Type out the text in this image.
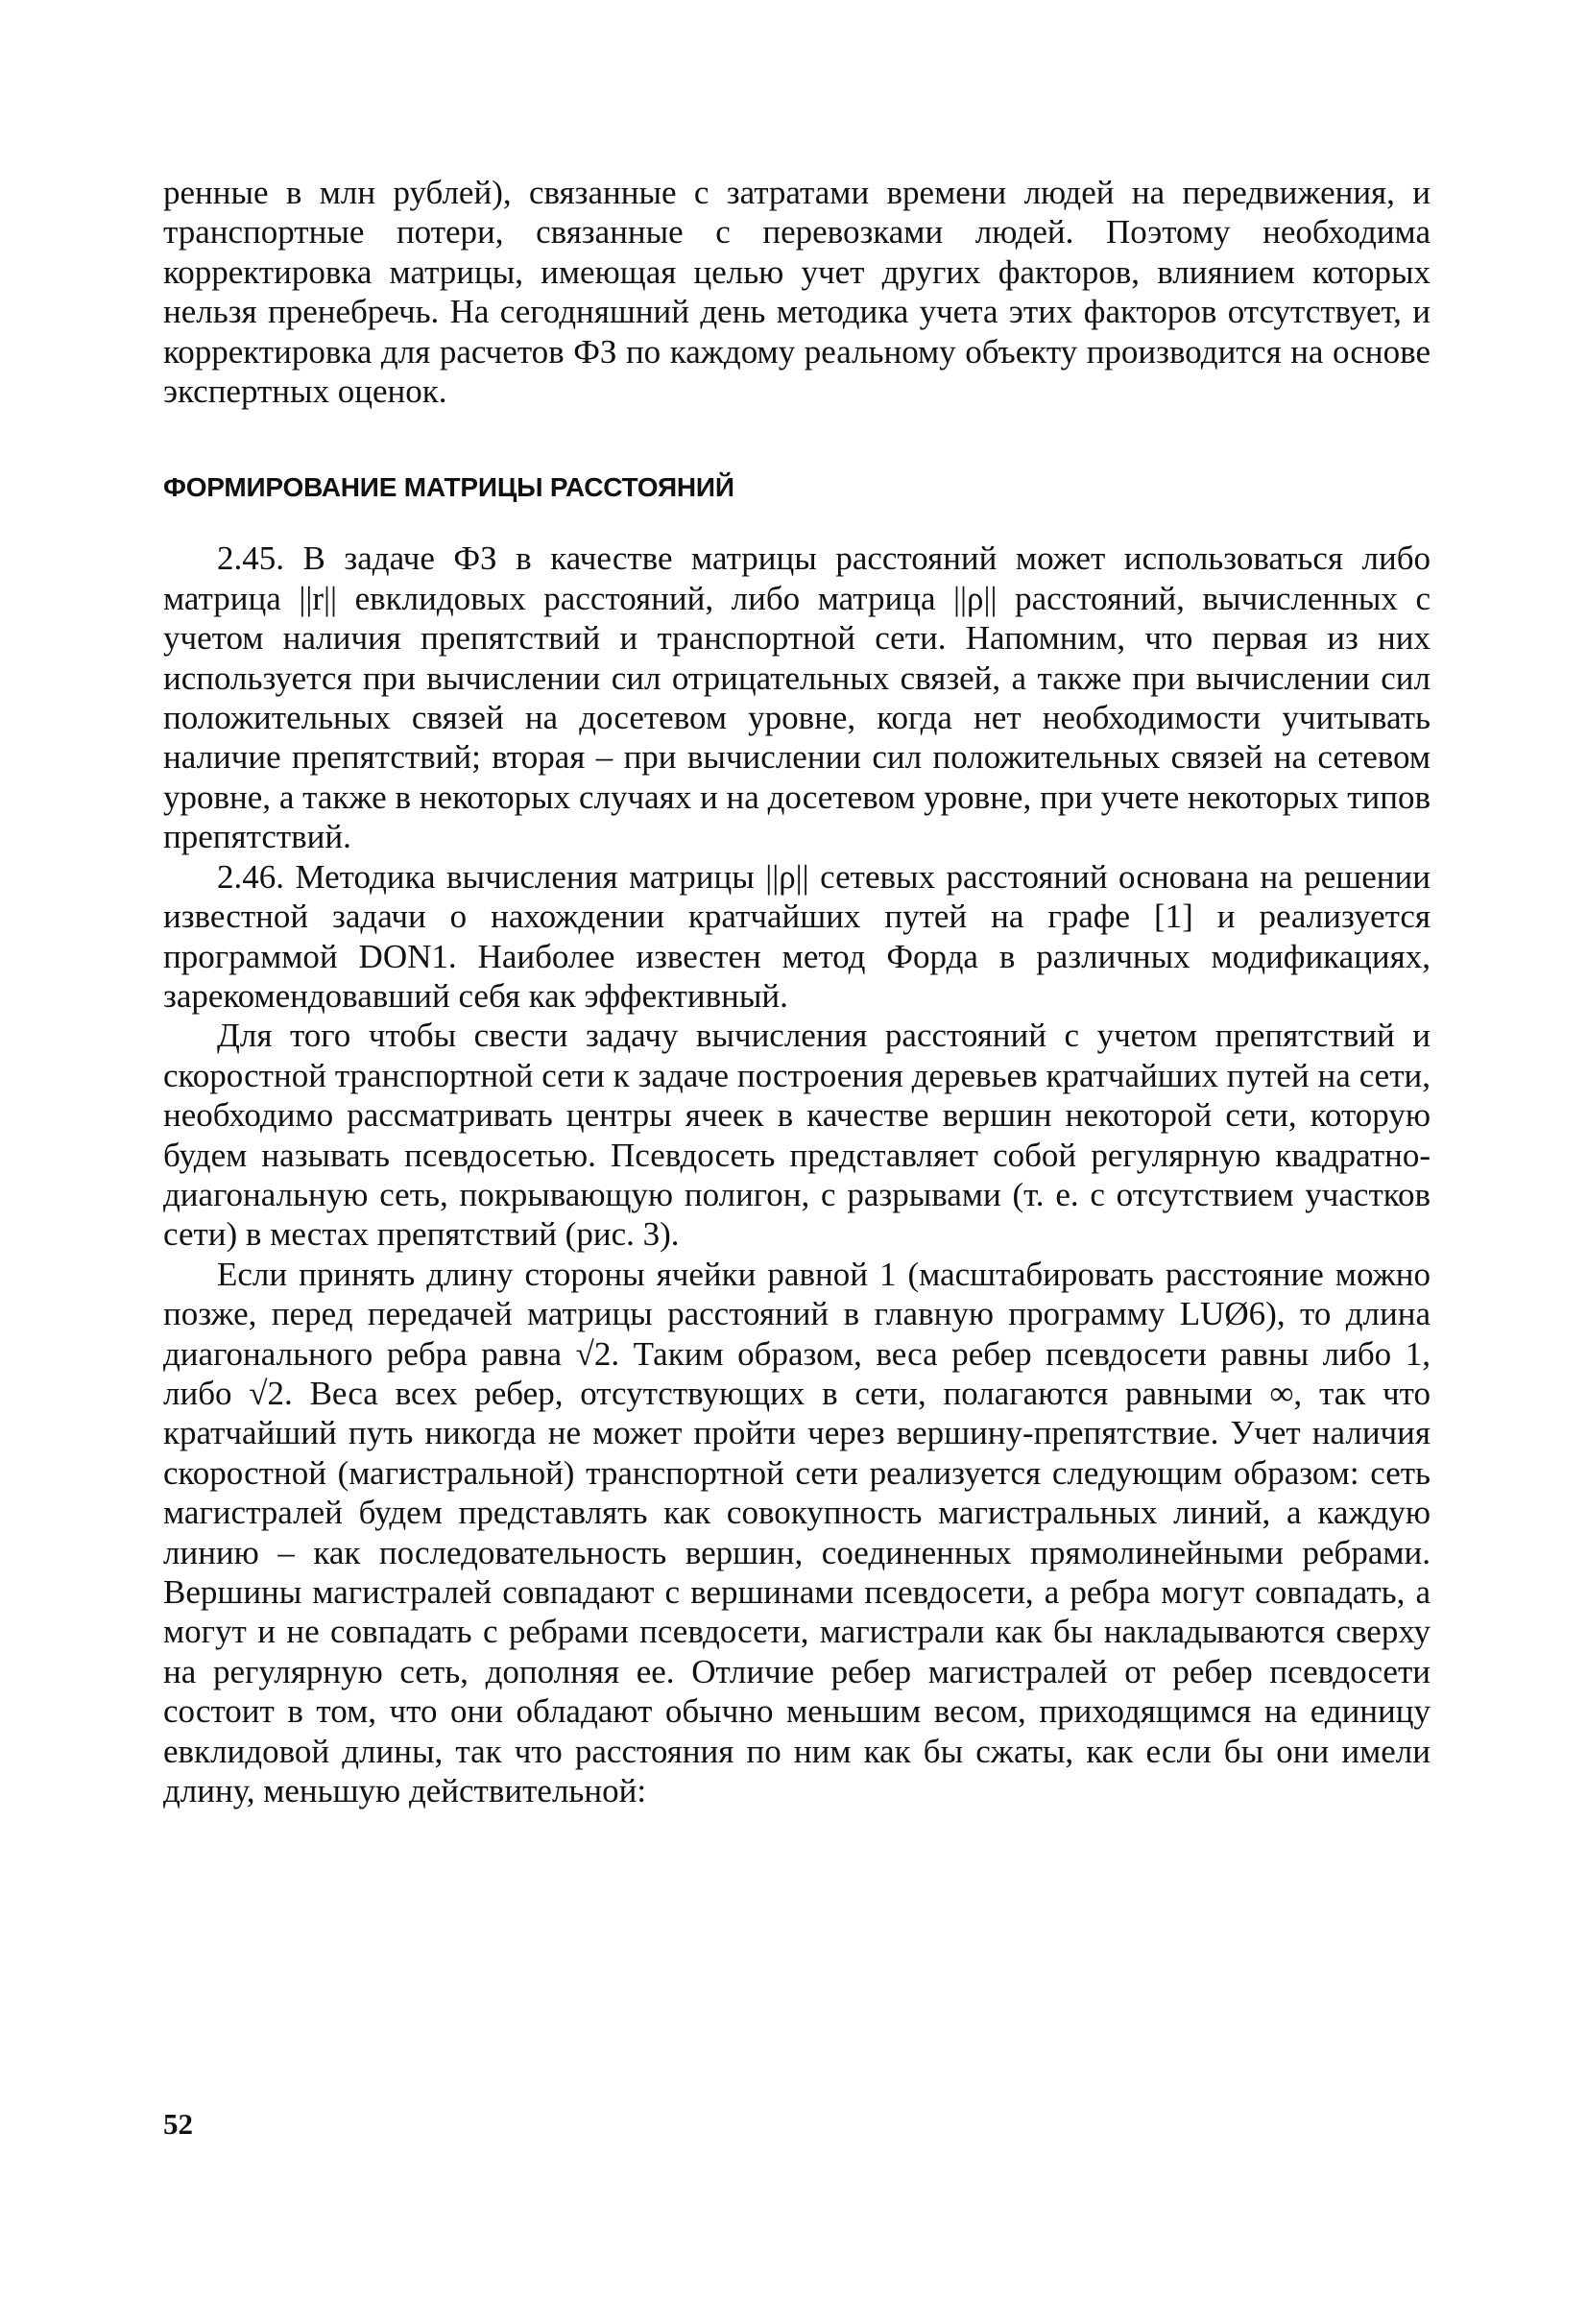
ренные в млн рублей), связанные с затратами времени людей на передвижения, и транспортные потери, связанные с перевозками людей. Поэтому необходима корректировка матрицы, имеющая целью учет других факторов, влиянием которых нельзя пренебречь. На сегодняшний день методика учета этих факторов отсутствует, и корректировка для расчетов ФЗ по каждому реальному объекту производится на основе экспертных оценок.

ФОРМИРОВАНИЕ МАТРИЦЫ РАССТОЯНИЙ

2.45. В задаче ФЗ в качестве матрицы расстояний может использоваться либо матрица ||r|| евклидовых расстояний, либо матрица ||ρ|| расстояний, вычисленных с учетом наличия препятствий и транспортной сети. Напомним, что первая из них используется при вычислении сил отрицательных связей, а также при вычислении сил положительных связей на досетевом уровне, когда нет необходимости учитывать наличие препятствий; вторая – при вычислении сил положительных связей на сетевом уровне, а также в некоторых случаях и на досетевом уровне, при учете некоторых типов препятствий.

2.46. Методика вычисления матрицы ||ρ|| сетевых расстояний основана на решении известной задачи о нахождении кратчайших путей на графе [1] и реализуется программой DON1. Наиболее известен метод Форда в различных модификациях, зарекомендовавший себя как эффективный.

Для того чтобы свести задачу вычисления расстояний с учетом препятствий и скоростной транспортной сети к задаче построения деревьев кратчайших путей на сети, необходимо рассматривать центры ячеек в качестве вершин некоторой сети, которую будем называть псевдосетью. Псевдосеть представляет собой регулярную квадратно-диагональную сеть, покрывающую полигон, с разрывами (т. е. с отсутствием участков сети) в местах препятствий (рис. 3).

Если принять длину стороны ячейки равной 1 (масштабировать расстояние можно позже, перед передачей матрицы расстояний в главную программу LUØ6), то длина диагонального ребра равна √2. Таким образом, веса ребер псевдосети равны либо 1, либо √2. Веса всех ребер, отсутствующих в сети, полагаются равными ∞, так что кратчайший путь никогда не может пройти через вершину-препятствие. Учет наличия скоростной (магистральной) транспортной сети реализуется следующим образом: сеть магистралей будем представлять как совокупность магистральных линий, а каждую линию – как последовательность вершин, соединенных прямолинейными ребрами. Вершины магистралей совпадают с вершинами псевдосети, а ребра могут совпадать, а могут и не совпадать с ребрами псевдосети, магистрали как бы накладываются сверху на регулярную сеть, дополняя ее. Отличие ребер магистралей от ребер псевдосети состоит в том, что они обладают обычно меньшим весом, приходящимся на единицу евклидовой длины, так что расстояния по ним как бы сжаты, как если бы они имели длину, меньшую действительной:

52
